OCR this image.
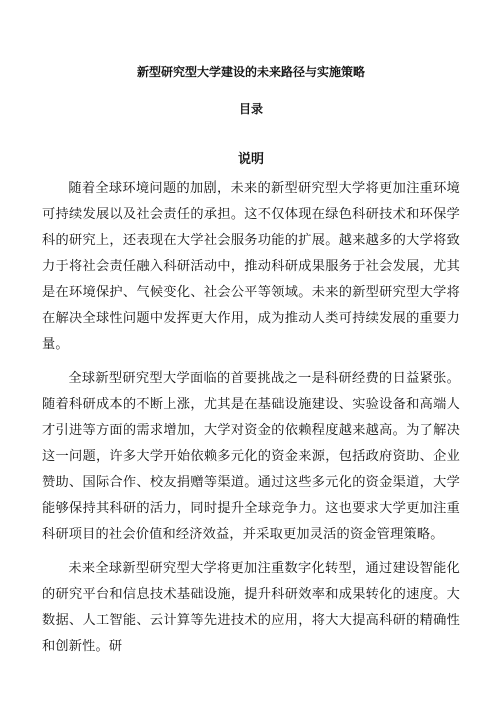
新型研究型大学建设的未来路径与实施策略
目录
说明

随着全球环境问题的加剧，未来的新型研究型大学将更加注重环境可持续发展以及社会责任的承担。这不仅体现在绿色科研技术和环保学科的研究上，还表现在大学社会服务功能的扩展。越来越多的大学将致力于将社会责任融入科研活动中，推动科研成果服务于社会发展，尤其是在环境保护、气候变化、社会公平等领域。未来的新型研究型大学将在解决全球性问题中发挥更大作用，成为推动人类可持续发展的重要力量。

全球新型研究型大学面临的首要挑战之一是科研经费的日益紧张。随着科研成本的不断上涨，尤其是在基础设施建设、实验设备和高端人才引进等方面的需求增加，大学对资金的依赖程度越来越高。为了解决这一问题，许多大学开始依赖多元化的资金来源，包括政府资助、企业赞助、国际合作、校友捐赠等渠道。通过这些多元化的资金渠道，大学能够保持其科研的活力，同时提升全球竞争力。这也要求大学更加注重科研项目的社会价值和经济效益，并采取更加灵活的资金管理策略。

未来全球新型研究型大学将更加注重数字化转型，通过建设智能化的研究平台和信息技术基础设施，提升科研效率和成果转化的速度。大数据、人工智能、云计算等先进技术的应用，将大大提高科研的精确性和创新性。研
